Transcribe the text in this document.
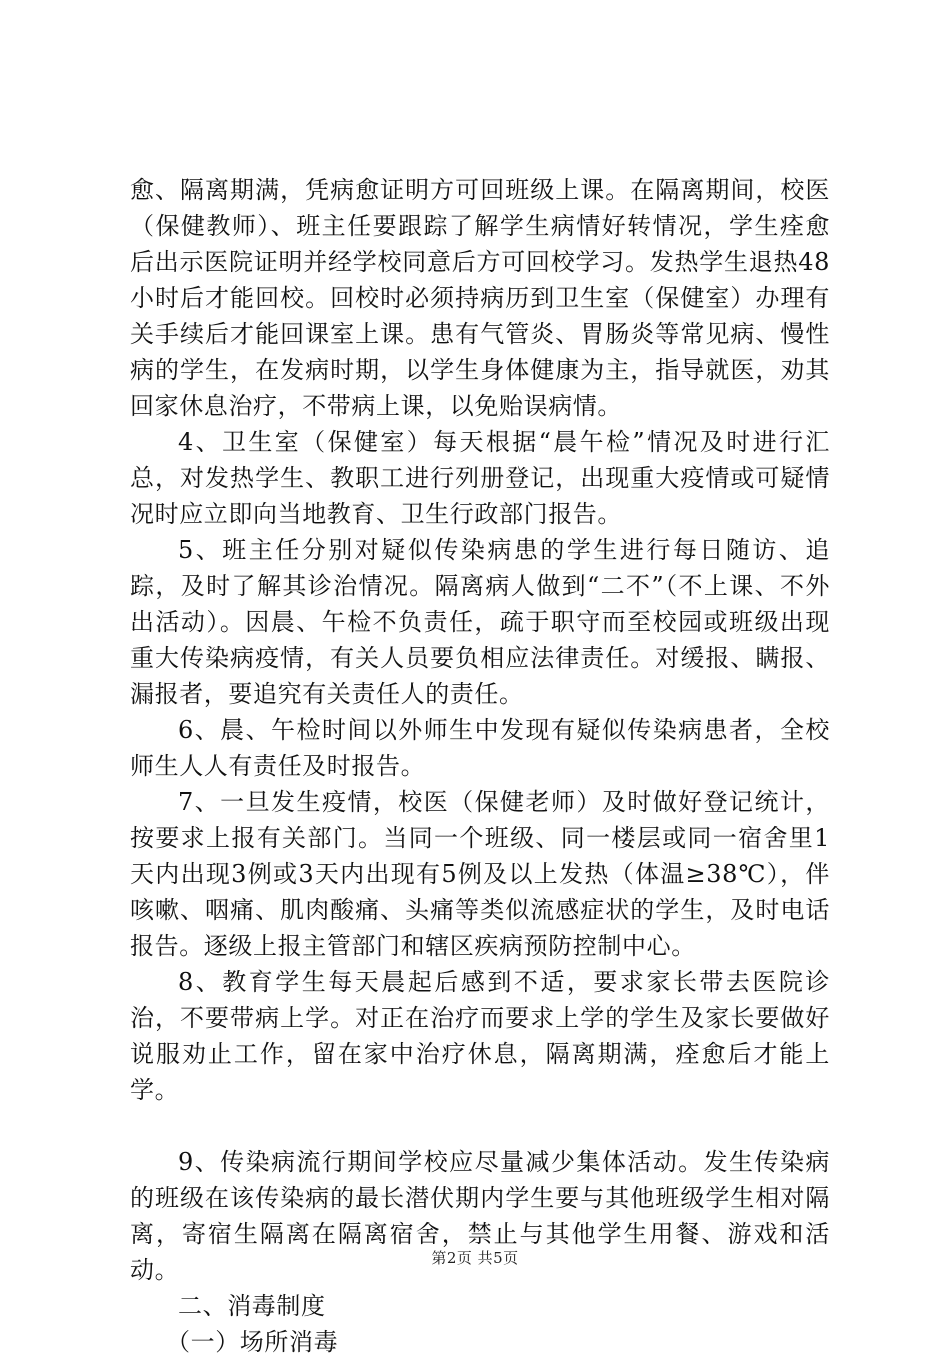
愈、隔离期满，凭病愈证明方可回班级上课。在隔离期间，校医（保健教师）、班主任要跟踪了解学生病情好转情况，学生痊愈后出示医院证明并经学校同意后方可回校学习。发热学生退热48小时后才能回校。回校时必须持病历到卫生室（保健室）办理有关手续后才能回课室上课。患有气管炎、胃肠炎等常见病、慢性病的学生，在发病时期，以学生身体健康为主，指导就医，劝其回家休息治疗，不带病上课，以免贻误病情。

4、卫生室（保健室）每天根据“晨午检”情况及时进行汇总，对发热学生、教职工进行列册登记，出现重大疫情或可疑情况时应立即向当地教育、卫生行政部门报告。

5、班主任分别对疑似传染病患的学生进行每日随访、追踪，及时了解其诊治情况。隔离病人做到“二不”（不上课、不外出活动）。因晨、午检不负责任，疏于职守而至校园或班级出现重大传染病疫情，有关人员要负相应法律责任。对缓报、瞒报、漏报者，要追究有关责任人的责任。

6、晨、午检时间以外师生中发现有疑似传染病患者，全校师生人人有责任及时报告。

7、一旦发生疫情，校医（保健老师）及时做好登记统计，按要求上报有关部门。当同一个班级、同一楼层或同一宿舍里1天内出现3例或3天内出现有5例及以上发热（体温≥38℃），伴咳嗽、咽痛、肌肉酸痛、头痛等类似流感症状的学生，及时电话报告。逐级上报主管部门和辖区疾病预防控制中心。

8、教育学生每天晨起后感到不适，要求家长带去医院诊治，不要带病上学。对正在治疗而要求上学的学生及家长要做好说服劝止工作，留在家中治疗休息，隔离期满，痊愈后才能上学。

9、传染病流行期间学校应尽量减少集体活动。发生传染病的班级在该传染病的最长潜伏期内学生要与其他班级学生相对隔离，寄宿生隔离在隔离宿舍，禁止与其他学生用餐、游戏和活动。

二、消毒制度

（一）场所消毒

第2页 共5页
